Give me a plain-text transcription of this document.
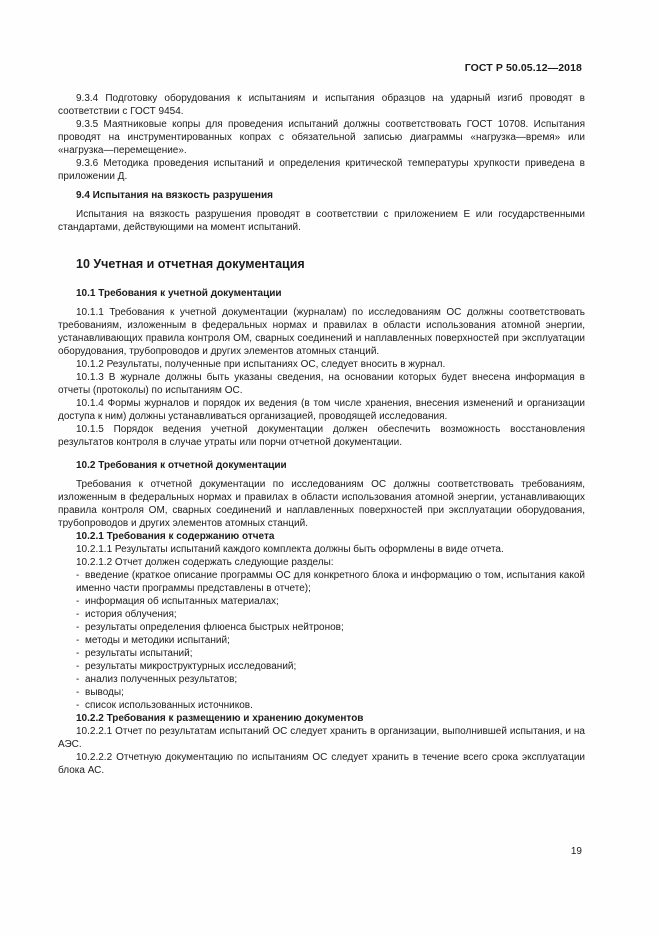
ГОСТ Р 50.05.12—2018

9.3.4 Подготовку оборудования к испытаниям и испытания образцов на ударный изгиб проводят в соответствии с ГОСТ 9454.

9.3.5 Маятниковые копры для проведения испытаний должны соответствовать ГОСТ 10708. Испытания проводят на инструментированных копрах с обязательной записью диаграммы «нагрузка—время» или «нагрузка—перемещение».

9.3.6 Методика проведения испытаний и определения критической температуры хрупкости приведена в приложении Д.

9.4 Испытания на вязкость разрушения

Испытания на вязкость разрушения проводят в соответствии с приложением Е или государственными стандартами, действующими на момент испытаний.

10 Учетная и отчетная документация

10.1 Требования к учетной документации

10.1.1 Требования к учетной документации (журналам) по исследованиям ОС должны соответствовать требованиям, изложенным в федеральных нормах и правилах в области использования атомной энергии, устанавливающих правила контроля ОМ, сварных соединений и наплавленных поверхностей при эксплуатации оборудования, трубопроводов и других элементов атомных станций.

10.1.2 Результаты, полученные при испытаниях ОС, следует вносить в журнал.

10.1.3 В журнале должны быть указаны сведения, на основании которых будет внесена информация в отчеты (протоколы) по испытаниям ОС.

10.1.4 Формы журналов и порядок их ведения (в том числе хранения, внесения изменений и организации доступа к ним) должны устанавливаться организацией, проводящей исследования.

10.1.5 Порядок ведения учетной документации должен обеспечить возможность восстановления результатов контроля в случае утраты или порчи отчетной документации.

10.2 Требования к отчетной документации

Требования к отчетной документации по исследованиям ОС должны соответствовать требованиям, изложенным в федеральных нормах и правилах в области использования атомной энергии, устанавливающих правила контроля ОМ, сварных соединений и наплавленных поверхностей при эксплуатации оборудования, трубопроводов и других элементов атомных станций.

10.2.1 Требования к содержанию отчета

10.2.1.1 Результаты испытаний каждого комплекта должны быть оформлены в виде отчета.

10.2.1.2 Отчет должен содержать следующие разделы:

- введение (краткое описание программы ОС для конкретного блока и информацию о том, испытания какой именно части программы представлены в отчете);

- информация об испытанных материалах;

- история облучения;

- результаты определения флюенса быстрых нейтронов;

- методы и методики испытаний;

- результаты испытаний;

- результаты микроструктурных исследований;

- анализ полученных результатов;

- выводы;

- список использованных источников.

10.2.2 Требования к размещению и хранению документов

10.2.2.1 Отчет по результатам испытаний ОС следует хранить в организации, выполнившей испытания, и на АЭС.

10.2.2.2 Отчетную документацию по испытаниям ОС следует хранить в течение всего срока эксплуатации блока АС.

19
